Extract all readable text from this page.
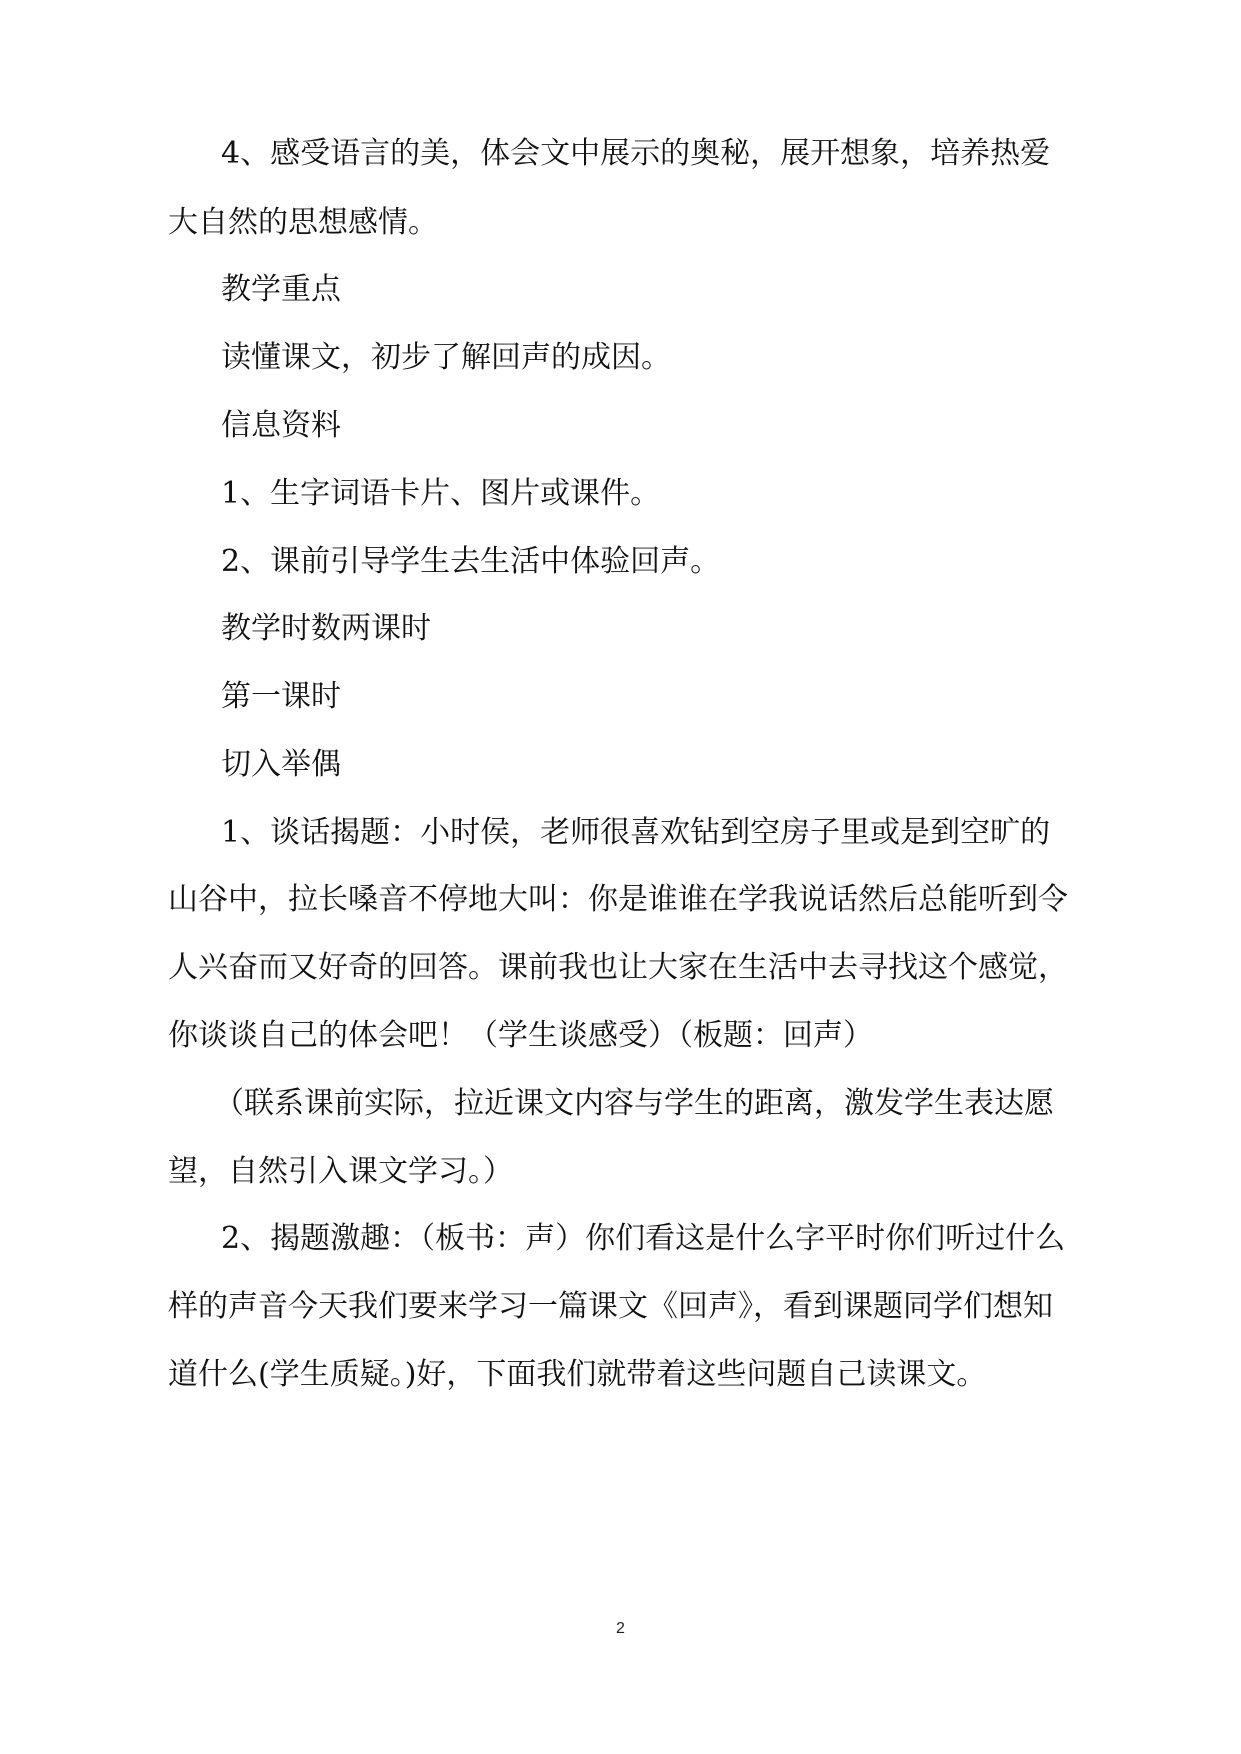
4、感受语言的美，体会文中展示的奥秘，展开想象，培养热爱
大自然的思想感情。
教学重点
读懂课文，初步了解回声的成因。
信息资料
1、生字词语卡片、图片或课件。
2、课前引导学生去生活中体验回声。
教学时数两课时
第一课时
切入举偶
1、谈话揭题：小时侯，老师很喜欢钻到空房子里或是到空旷的
山谷中，拉长嗓音不停地大叫：你是谁谁在学我说话然后总能听到令
人兴奋而又好奇的回答。课前我也让大家在生活中去寻找这个感觉，
你谈谈自己的体会吧！（学生谈感受）（板题：回声）
（联系课前实际，拉近课文内容与学生的距离，激发学生表达愿
望，自然引入课文学习。）
2、揭题激趣：（板书：声）你们看这是什么字平时你们听过什么
样的声音今天我们要来学习一篇课文《回声》，看到课题同学们想知
道什么(学生质疑。)好，下面我们就带着这些问题自己读课文。
2
